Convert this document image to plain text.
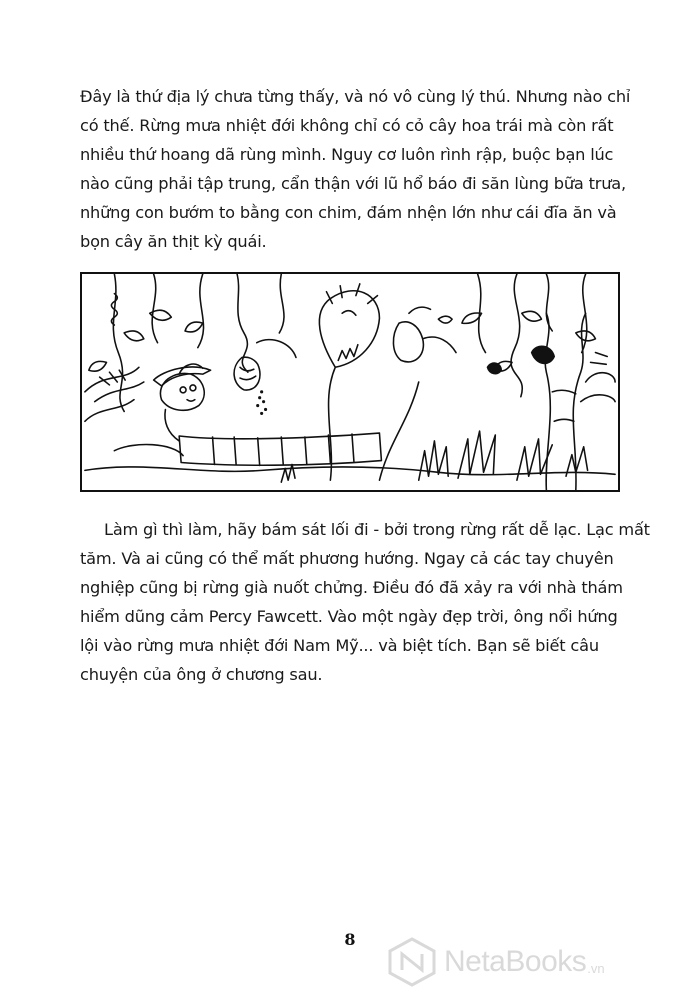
Đây là thứ địa lý chưa từng thấy, và nó vô cùng lý thú. Nhưng nào chỉ
có thế. Rừng mưa nhiệt đới không chỉ có cỏ cây hoa trái mà còn rất
nhiều thứ hoang dã rùng mình. Nguy cơ luôn rình rập, buộc bạn lúc
nào cũng phải tập trung, cẩn thận với lũ hổ báo đi săn lùng bữa trưa,
những con bướm to bằng con chim, đám nhện lớn như cái đĩa ăn và
bọn cây ăn thịt kỳ quái.
Làm gì thì làm, hãy bám sát lối đi - bởi trong rừng rất dễ lạc. Lạc mất
tăm. Và ai cũng có thể mất phương hướng. Ngay cả các tay chuyên
nghiệp cũng bị rừng già nuốt chửng. Điều đó đã xảy ra với nhà thám
hiểm dũng cảm Percy Fawcett. Vào một ngày đẹp trời, ông nổi hứng
lội vào rừng mưa nhiệt đới Nam Mỹ... và biệt tích. Bạn sẽ biết câu
chuyện của ông ở chương sau.
8
NetaBooks .vn
